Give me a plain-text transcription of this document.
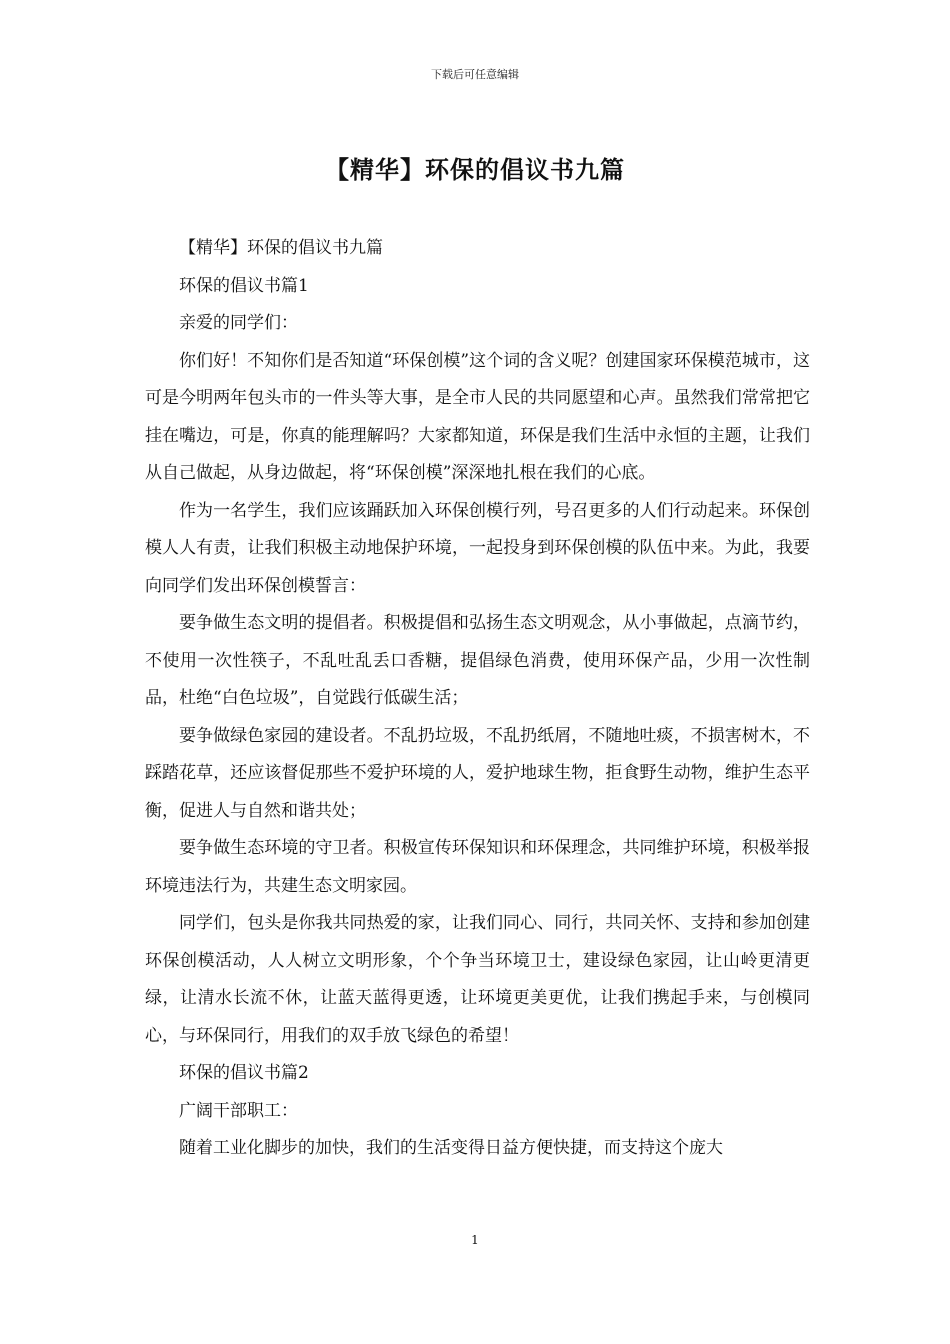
下载后可任意编辑
【精华】环保的倡议书九篇

【精华】环保的倡议书九篇

环保的倡议书篇1

亲爱的同学们：

你们好！不知你们是否知道“环保创模”这个词的含义呢？创建国家环保模范城市，这可是今明两年包头市的一件头等大事，是全市人民的共同愿望和心声。虽然我们常常把它挂在嘴边，可是，你真的能理解吗？大家都知道，环保是我们生活中永恒的主题，让我们从自己做起，从身边做起，将“环保创模”深深地扎根在我们的心底。

作为一名学生，我们应该踊跃加入环保创模行列，号召更多的人们行动起来。环保创模人人有责，让我们积极主动地保护环境，一起投身到环保创模的队伍中来。为此，我要向同学们发出环保创模誓言：

要争做生态文明的提倡者。积极提倡和弘扬生态文明观念，从小事做起，点滴节约，不使用一次性筷子，不乱吐乱丢口香糖，提倡绿色消费，使用环保产品，少用一次性制品，杜绝“白色垃圾”，自觉践行低碳生活；

要争做绿色家园的建设者。不乱扔垃圾，不乱扔纸屑，不随地吐痰，不损害树木，不踩踏花草，还应该督促那些不爱护环境的人，爱护地球生物，拒食野生动物，维护生态平衡，促进人与自然和谐共处；

要争做生态环境的守卫者。积极宣传环保知识和环保理念，共同维护环境，积极举报环境违法行为，共建生态文明家园。

同学们，包头是你我共同热爱的家，让我们同心、同行，共同关怀、支持和参加创建环保创模活动，人人树立文明形象，个个争当环境卫士，建设绿色家园，让山岭更清更绿，让清水长流不休，让蓝天蓝得更透，让环境更美更优，让我们携起手来，与创模同心，与环保同行，用我们的双手放飞绿色的希望！

环保的倡议书篇2

广阔干部职工：

随着工业化脚步的加快，我们的生活变得日益方便快捷，而支持这个庞大

1
